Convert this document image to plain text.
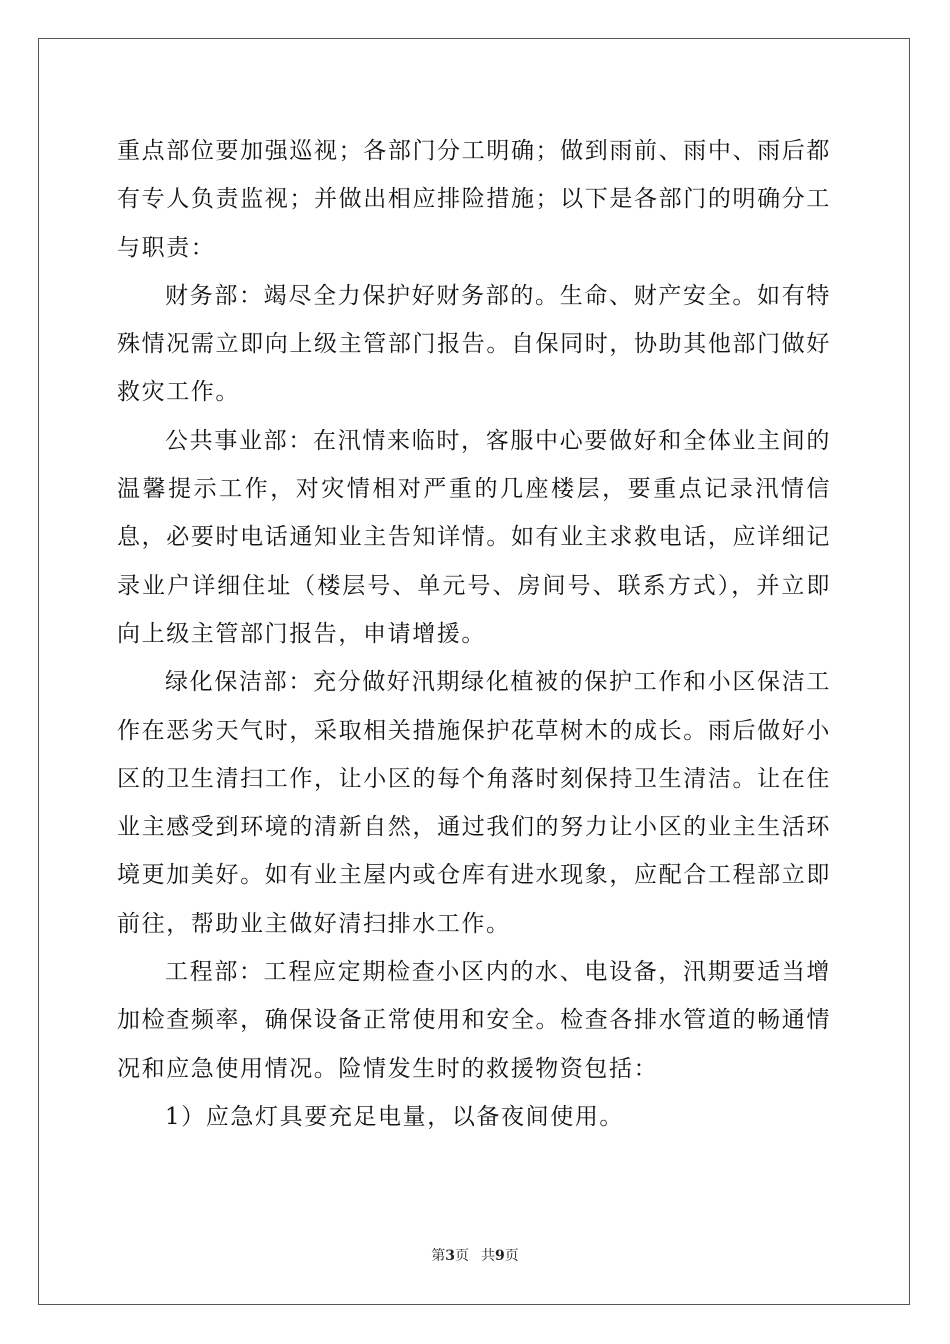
重点部位要加强巡视；各部门分工明确；做到雨前、雨中、雨后都有专人负责监视；并做出相应排险措施；以下是各部门的明确分工与职责：

财务部：竭尽全力保护好财务部的。生命、财产安全。如有特殊情况需立即向上级主管部门报告。自保同时，协助其他部门做好救灾工作。

公共事业部：在汛情来临时，客服中心要做好和全体业主间的温馨提示工作，对灾情相对严重的几座楼层，要重点记录汛情信息，必要时电话通知业主告知详情。如有业主求救电话，应详细记录业户详细住址（楼层号、单元号、房间号、联系方式），并立即向上级主管部门报告，申请增援。

绿化保洁部：充分做好汛期绿化植被的保护工作和小区保洁工作在恶劣天气时，采取相关措施保护花草树木的成长。雨后做好小区的卫生清扫工作，让小区的每个角落时刻保持卫生清洁。让在住业主感受到环境的清新自然，通过我们的努力让小区的业主生活环境更加美好。如有业主屋内或仓库有进水现象，应配合工程部立即前往，帮助业主做好清扫排水工作。

工程部：工程应定期检查小区内的水、电设备，汛期要适当增加检查频率，确保设备正常使用和安全。检查各排水管道的畅通情况和应急使用情况。险情发生时的救援物资包括：

1）应急灯具要充足电量，以备夜间使用。

第3页 共9页
